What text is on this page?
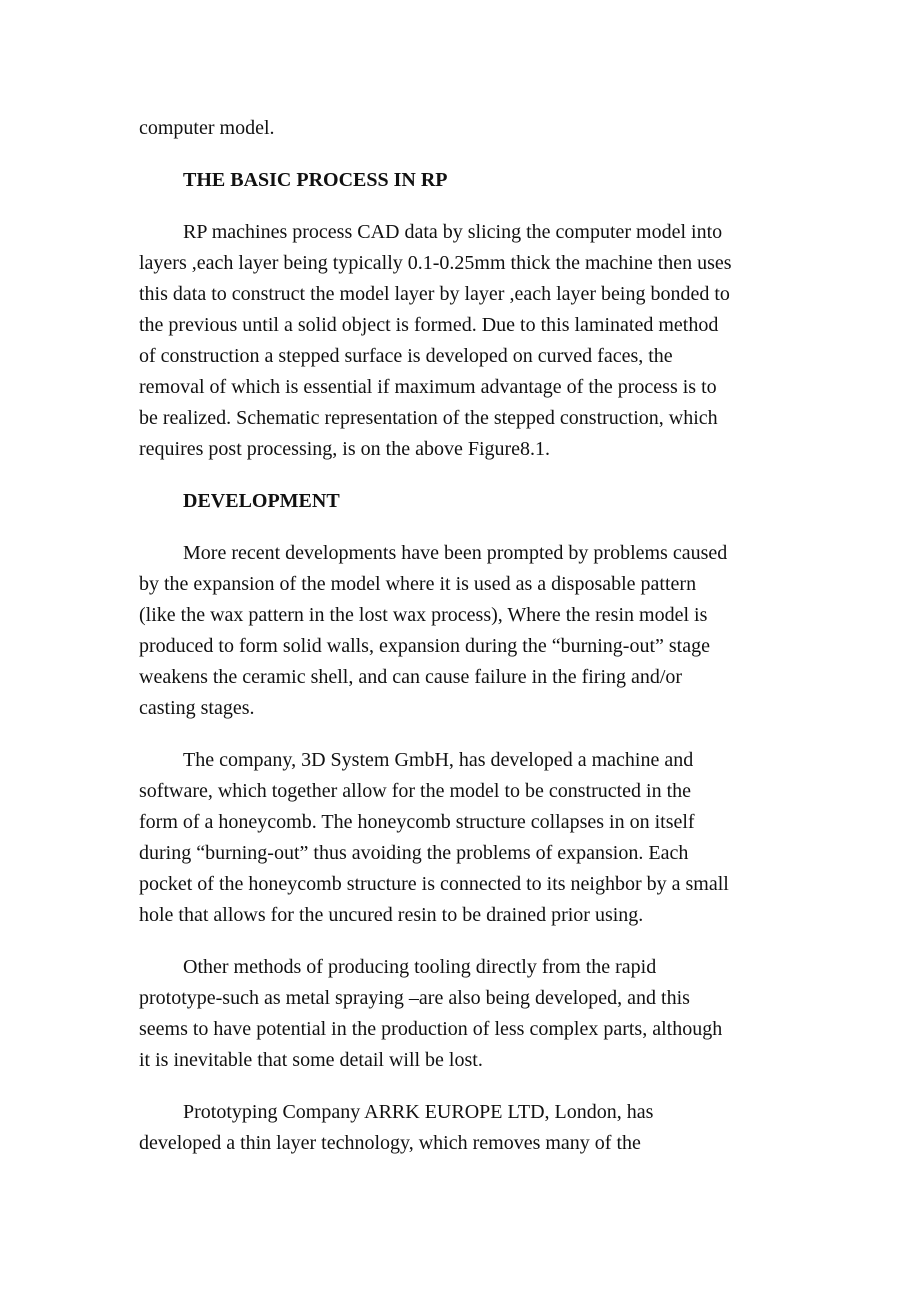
computer model.
THE BASIC PROCESS IN RP
RP machines process CAD data by slicing the computer model into
layers ,each layer being typically 0.1-0.25mm thick the machine then uses
this data to construct the model layer by layer ,each layer being bonded to
the previous until a solid object is formed. Due to this laminated method
of construction a stepped surface is developed on curved faces, the
removal of which is essential if maximum advantage of the process is to
be realized. Schematic representation of the stepped construction, which
requires post processing, is on the above Figure8.1.
DEVELOPMENT
More recent developments have been prompted by problems caused
by the expansion of the model where it is used as a disposable pattern
(like the wax pattern in the lost wax process), Where the resin model is
produced to form solid walls, expansion during the “burning-out” stage
weakens the ceramic shell, and can cause failure in the firing and/or
casting stages.
The company, 3D System GmbH, has developed a machine and
software, which together allow for the model to be constructed in the
form of a honeycomb. The honeycomb structure collapses in on itself
during “burning-out” thus avoiding the problems of expansion. Each
pocket of the honeycomb structure is connected to its neighbor by a small
hole that allows for the uncured resin to be drained prior using.
Other methods of producing tooling directly from the rapid
prototype-such as metal spraying –are also being developed, and this
seems to have potential in the production of less complex parts, although
it is inevitable that some detail will be lost.
Prototyping Company ARRK EUROPE LTD, London, has
developed a thin layer technology, which removes many of the
